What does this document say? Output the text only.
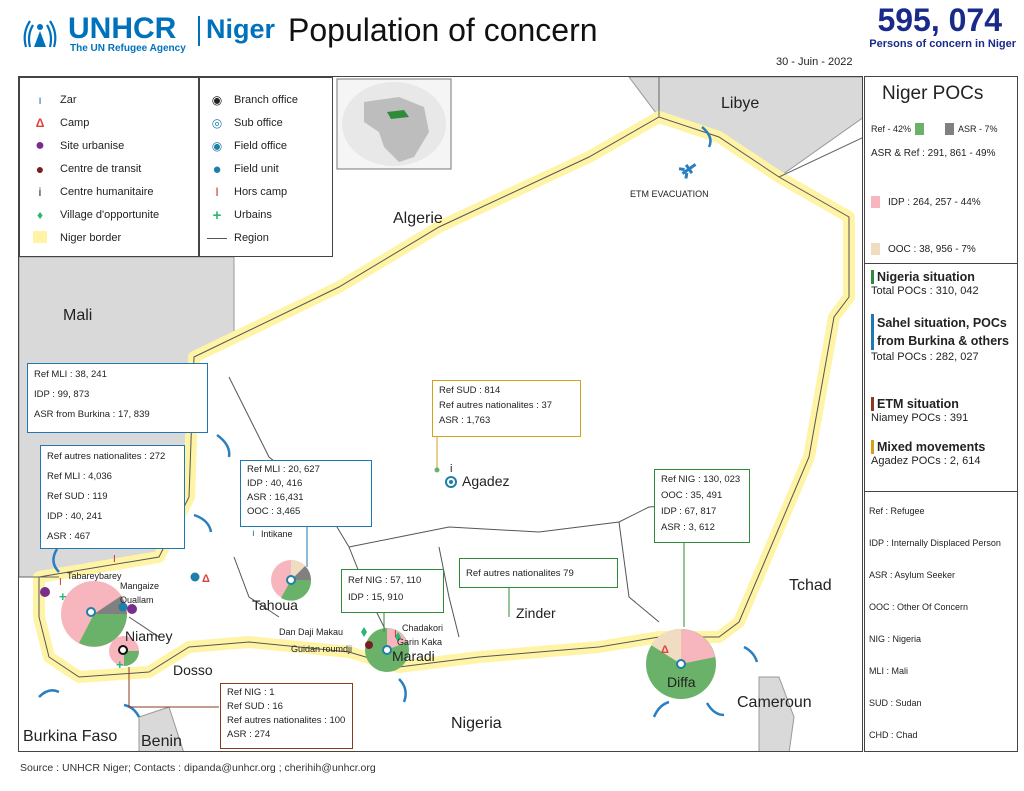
UNHCR
The UN Refugee Agency
Niger Population of concern	595, 074
Persons of concern in Niger
30 - Juin - 2022
Δ
Δ
+
+
I
I
I
i
ı
ı	Zar
Δ	Camp
●	Site urbanise
●	Centre de transit
i	Centre humanitaire
♦	Village d'opportunite
Niger border
◉	Branch office
◎	Sub office
◉	Field office
●	Field unit
I	Hors camp
+	Urbains
Region
Libye
Algerie
Mali
Tchad
Nigeria
Burkina Faso Benin
Cameroun
Agadez
Tahoua
Niamey
Dosso
Maradi
Zinder
Diffa
ETM EVACUATION
Intikane
Tabareybarey
Mangaize
Ouallam
Dan Daji Makau	Chadakori
Garin Kaka
Guidan roumdji
Ref MLI : 38, 241
IDP : 99, 873
ASR from Burkina : 17, 839
Ref autres nationalites : 272
Ref MLI : 4,036
Ref SUD : 119
IDP : 40, 241
ASR : 467
Ref MLI : 20, 627
IDP : 40, 416
ASR : 16,431
OOC : 3,465
Ref SUD : 814
Ref autres nationalites : 37
ASR : 1,763
Ref NIG : 57, 110
IDP : 15, 910
Ref autres nationalites 79
Ref NIG : 130, 023
OOC : 35, 491
IDP : 67, 817
ASR : 3, 612
Ref NIG : 1
Ref SUD : 16
Ref autres nationalites : 100
ASR : 274
Niger POCs
Ref - 42%	ASR - 7%
ASR & Ref : 291, 861 - 49%
IDP : 264, 257 - 44%
OOC : 38, 956 - 7%
Nigeria situation
Total POCs : 310, 042
Sahel situation, POCs from Burkina & others
Total POCs : 282, 027
ETM situation
Niamey POCs : 391
Mixed movements
Agadez POCs : 2, 614
Ref : Refugee
IDP : Internally Displaced Person
ASR : Asylum Seeker
OOC : Other Of Concern
NIG : Nigeria
MLI : Mali
SUD : Sudan
CHD : Chad
Source : UNHCR Niger; Contacts : dipanda@unhcr.org ; cherihih@unhcr.org
